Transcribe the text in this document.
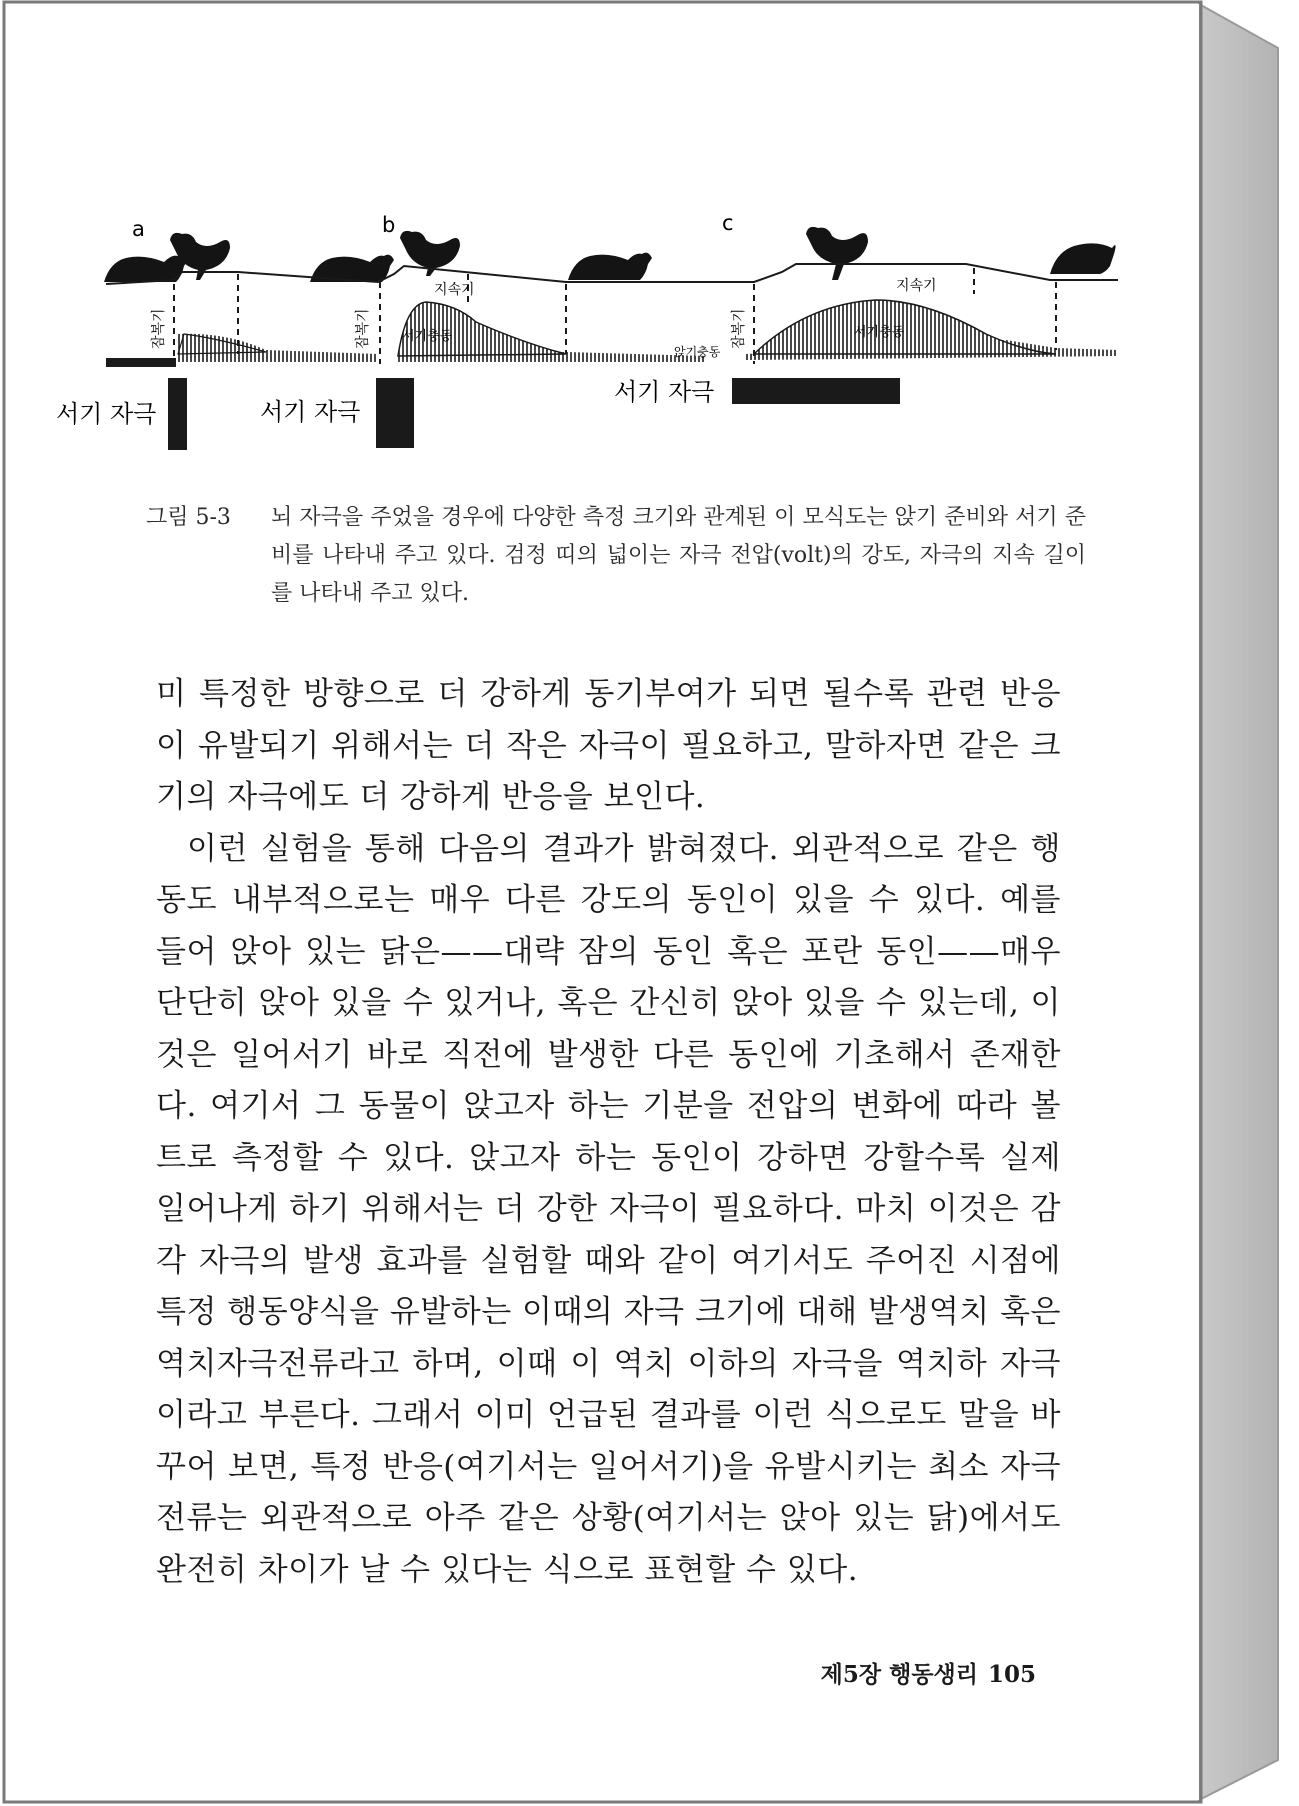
a	b	c
잠복기	잠복기	잠복기
지속기	지속기
서기충동	서기충동
앉기충동
서기 자극	서기 자극
서기 자극
그림 5-3	뇌 자극을 주었을 경우에 다양한 측정 크기와 관계된 이 모식도는 앉기 준비와 서기 준비를 나타내 주고 있다. 검정 띠의 넓이는 자극 전압(volt)의 강도, 자극의 지속 길이를 나타내 주고 있다.

미 특정한 방향으로 더 강하게 동기부여가 되면 될수록 관련 반응이 유발되기 위해서는 더 작은 자극이 필요하고, 말하자면 같은 크기의 자극에도 더 강하게 반응을 보인다.

이런 실험을 통해 다음의 결과가 밝혀졌다. 외관적으로 같은 행동도 내부적으로는 매우 다른 강도의 동인이 있을 수 있다. 예를 들어 앉아 있는 닭은——대략 잠의 동인 혹은 포란 동인——매우 단단히 앉아 있을 수 있거나, 혹은 간신히 앉아 있을 수 있는데, 이것은 일어서기 바로 직전에 발생한 다른 동인에 기초해서 존재한다. 여기서 그 동물이 앉고자 하는 기분을 전압의 변화에 따라 볼트로 측정할 수 있다. 앉고자 하는 동인이 강하면 강할수록 실제 일어나게 하기 위해서는 더 강한 자극이 필요하다. 마치 이것은 감각 자극의 발생 효과를 실험할 때와 같이 여기서도 주어진 시점에 특정 행동양식을 유발하는 이때의 자극 크기에 대해 발생역치 혹은 역치자극전류라고 하며, 이때 이 역치 이하의 자극을 역치하 자극이라고 부른다. 그래서 이미 언급된 결과를 이런 식으로도 말을 바꾸어 보면, 특정 반응(여기서는 일어서기)을 유발시키는 최소 자극전류는 외관적으로 아주 같은 상황(여기서는 앉아 있는 닭)에서도 완전히 차이가 날 수 있다는 식으로 표현할 수 있다.

제5장 행동생리 105
